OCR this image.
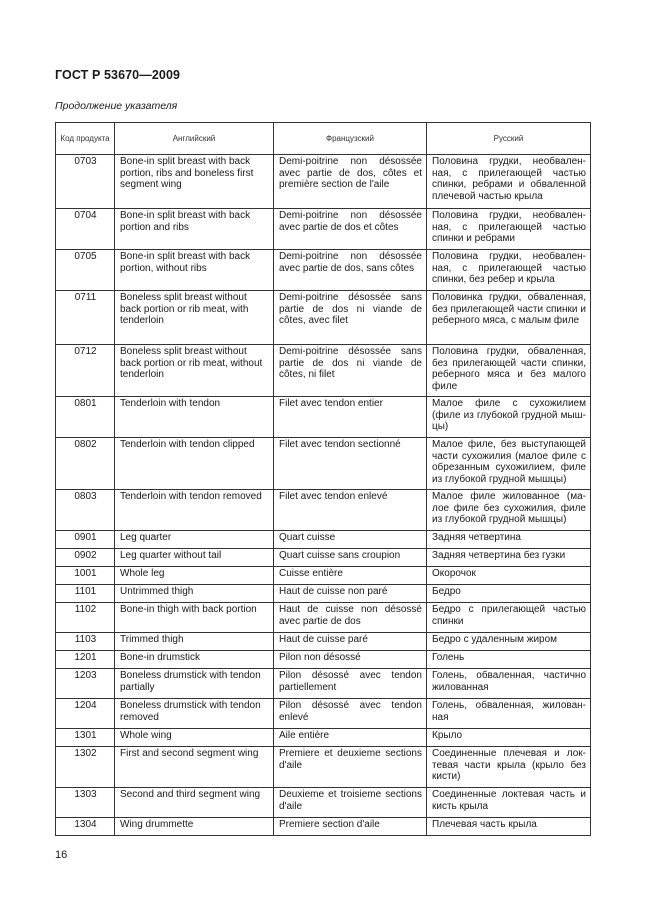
ГОСТ Р 53670—2009
Продолжение указателя
Код продукта	Английский	Французский	Русский
0703	Bone-in split breast with back portion, ribs and boneless first segment wing	Demi-poitrine non désossée avec partie de dos, côtes et première section de l'aile	Половина грудки, необвален-ная, с прилегающей частью спинки, ребрами и обваленной плечевой частью крыла
0704	Bone-in split breast with back portion and ribs	Demi-poitrine non désossée avec partie de dos et côtes	Половина грудки, необвален-ная, с прилегающей частью спинки и ребрами
0705	Bone-in split breast with back portion, without ribs	Demi-poitrine non désossée avec partie de dos, sans côtes	Половина грудки, необвален-ная, с прилегающей частью спинки, без ребер и крыла
0711	Boneless split breast without back portion or rib meat, with tenderloin	Demi-poitrine désossée sans partie de dos ni viande de côtes, avec filet	Половинка грудки, обваленная, без прилегающей части спинки и реберного мяса, с малым филе
0712	Boneless split breast without back portion or rib meat, without tenderloin	Demi-poitrine désossée sans partie de dos ni viande de côtes, ni filet	Половина грудки, обваленная, без прилегающей части спинки, реберного мяса и без малого филе
0801	Tenderloin with tendon	Filet avec tendon entier	Малое филе с сухожилием (филе из глубокой грудной мыш-цы)
0802	Tenderloin with tendon clipped	Filet avec tendon sectionné	Малое филе, без выступающей части сухожилия (малое филе с обрезанным сухожилием, филе из глубокой грудной мышцы)
0803	Tenderloin with tendon removed	Filet avec tendon enlevé	Малое филе жилованное (ма-лое филе без сухожилия, филе из глубокой грудной мышцы)
0901	Leg quarter	Quart cuisse	Задняя четвертина
0902	Leg quarter without tail	Quart cuisse sans croupion	Задняя четвертина без гузки
1001	Whole leg	Cuisse entière	Окорочок
1101	Untrimmed thigh	Haut de cuisse non paré	Бедро
1102	Bone-in thigh with back portion	Haut de cuisse non désossé avec partie de dos	Бедро с прилегающей частью спинки
1103	Trimmed thigh	Haut de cuisse paré	Бедро с удаленным жиром
1201	Bone-in drumstick	Pilon non désossé	Голень
1203	Boneless drumstick with tendon partially	Pilon désossé avec tendon partiellement	Голень, обваленная, частично жилованная
1204	Boneless drumstick with tendon removed	Pilon désossé avec tendon enlevé	Голень, обваленная, жилован-ная
1301	Whole wing	Aile entière	Крыло
1302	First and second segment wing	Premiere et deuxieme sections d'aile	Соединенные плечевая и лок-тевая части крыла (крыло без кисти)
1303	Second and third segment wing	Deuxieme et troisieme sections d'aile	Соединенные локтевая часть и кисть крыла
1304	Wing drummette	Premiere section d'aile	Плечевая часть крыла
16
